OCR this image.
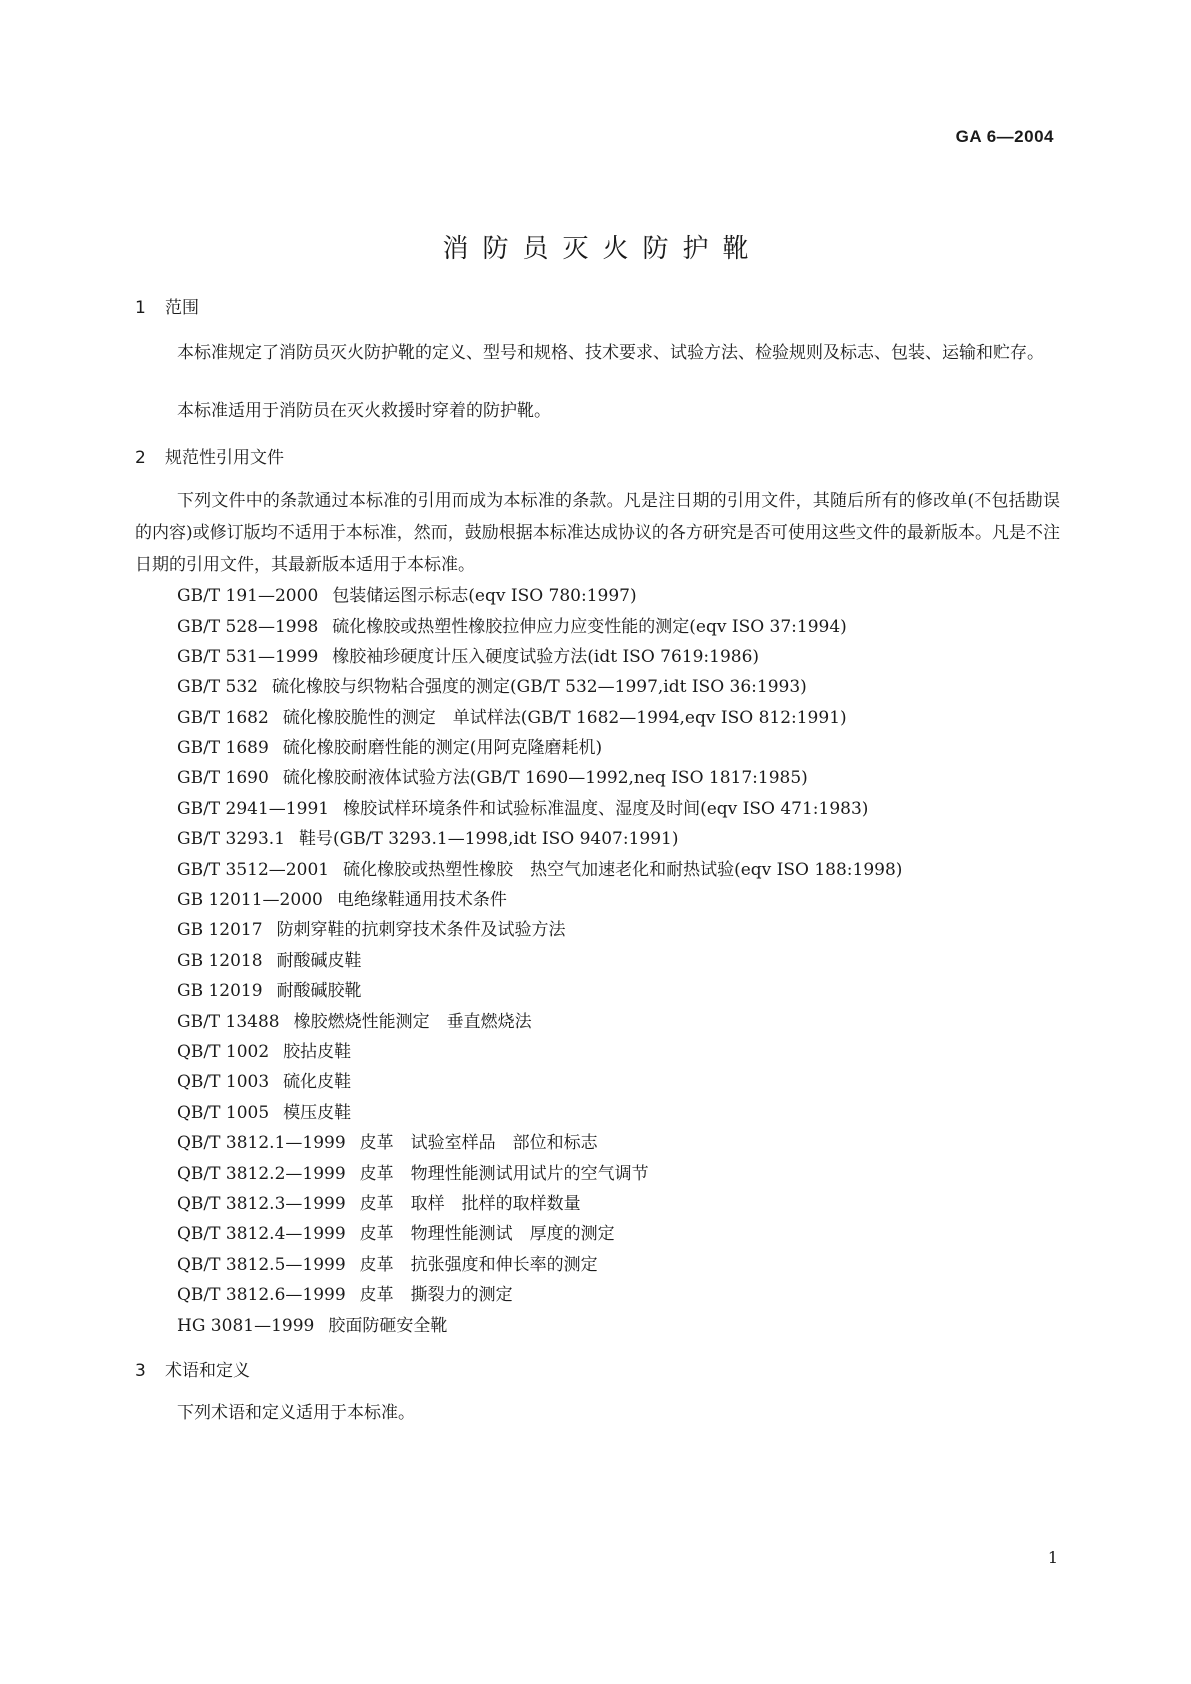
GA 6—2004
消防员灭火防护靴
1 范围
本标准规定了消防员灭火防护靴的定义、型号和规格、技术要求、试验方法、检验规则及标志、包装、运输和贮存。
本标准适用于消防员在灭火救援时穿着的防护靴。
2 规范性引用文件
下列文件中的条款通过本标准的引用而成为本标准的条款。凡是注日期的引用文件，其随后所有的修改单(不包括勘误的内容)或修订版均不适用于本标准，然而，鼓励根据本标准达成协议的各方研究是否可使用这些文件的最新版本。凡是不注日期的引用文件，其最新版本适用于本标准。
GB/T 191—2000 包装储运图示标志(eqv ISO 780:1997)
GB/T 528—1998 硫化橡胶或热塑性橡胶拉伸应力应变性能的测定(eqv ISO 37:1994)
GB/T 531—1999 橡胶袖珍硬度计压入硬度试验方法(idt ISO 7619:1986)
GB/T 532 硫化橡胶与织物粘合强度的测定(GB/T 532—1997,idt ISO 36:1993)
GB/T 1682 硫化橡胶脆性的测定　单试样法(GB/T 1682—1994,eqv ISO 812:1991)
GB/T 1689 硫化橡胶耐磨性能的测定(用阿克隆磨耗机)
GB/T 1690 硫化橡胶耐液体试验方法(GB/T 1690—1992,neq ISO 1817:1985)
GB/T 2941—1991 橡胶试样环境条件和试验标准温度、湿度及时间(eqv ISO 471:1983)
GB/T 3293.1 鞋号(GB/T 3293.1—1998,idt ISO 9407:1991)
GB/T 3512—2001 硫化橡胶或热塑性橡胶　热空气加速老化和耐热试验(eqv ISO 188:1998)
GB 12011—2000 电绝缘鞋通用技术条件
GB 12017 防刺穿鞋的抗刺穿技术条件及试验方法
GB 12018 耐酸碱皮鞋
GB 12019 耐酸碱胶靴
GB/T 13488 橡胶燃烧性能测定　垂直燃烧法
QB/T 1002 胶拈皮鞋
QB/T 1003 硫化皮鞋
QB/T 1005 模压皮鞋
QB/T 3812.1—1999 皮革　试验室样品　部位和标志
QB/T 3812.2—1999 皮革　物理性能测试用试片的空气调节
QB/T 3812.3—1999 皮革　取样　批样的取样数量
QB/T 3812.4—1999 皮革　物理性能测试　厚度的测定
QB/T 3812.5—1999 皮革　抗张强度和伸长率的测定
QB/T 3812.6—1999 皮革　撕裂力的测定
HG 3081—1999 胶面防砸安全靴
3 术语和定义
下列术语和定义适用于本标准。
1
